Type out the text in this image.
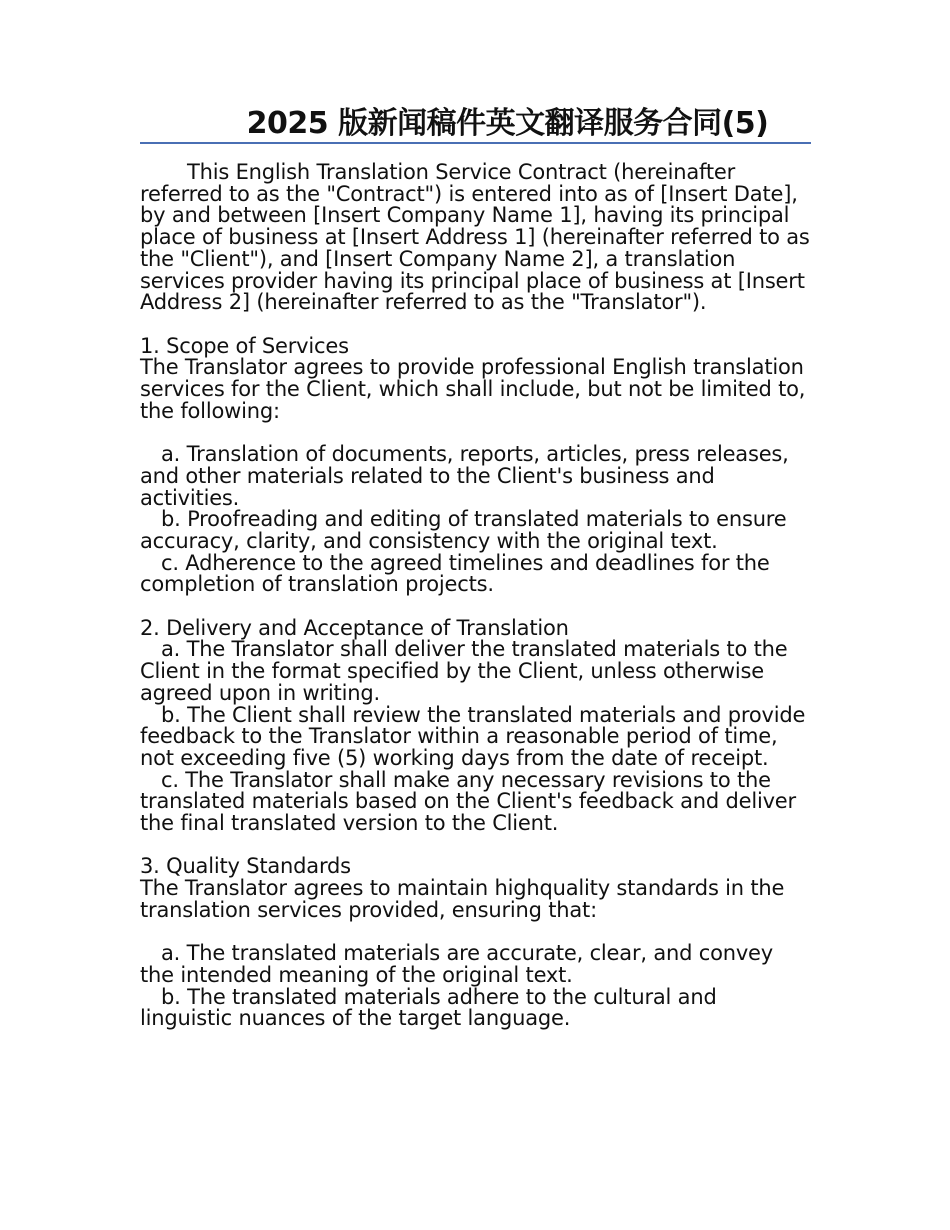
2025 版新闻稿件英文翻译服务合同(5)

This English Translation Service Contract (hereinafter referred to as the "Contract") is entered into as of [Insert Date], by and between [Insert Company Name 1], having its principal place of business at [Insert Address 1] (hereinafter referred to as the "Client"), and [Insert Company Name 2], a translation services provider having its principal place of business at [Insert Address 2] (hereinafter referred to as the "Translator").

1. Scope of Services

The Translator agrees to provide professional English translation services for the Client, which shall include, but not be limited to, the following:

a. Translation of documents, reports, articles, press releases, and other materials related to the Client's business and activities.

b. Proofreading and editing of translated materials to ensure accuracy, clarity, and consistency with the original text.

c. Adherence to the agreed timelines and deadlines for the completion of translation projects.

2. Delivery and Acceptance of Translation

a. The Translator shall deliver the translated materials to the Client in the format specified by the Client, unless otherwise agreed upon in writing.

b. The Client shall review the translated materials and provide feedback to the Translator within a reasonable period of time, not exceeding five (5) working days from the date of receipt.

c. The Translator shall make any necessary revisions to the translated materials based on the Client's feedback and deliver the final translated version to the Client.

3. Quality Standards

The Translator agrees to maintain highquality standards in the translation services provided, ensuring that:

a. The translated materials are accurate, clear, and convey the intended meaning of the original text.

b. The translated materials adhere to the cultural and linguistic nuances of the target language.
